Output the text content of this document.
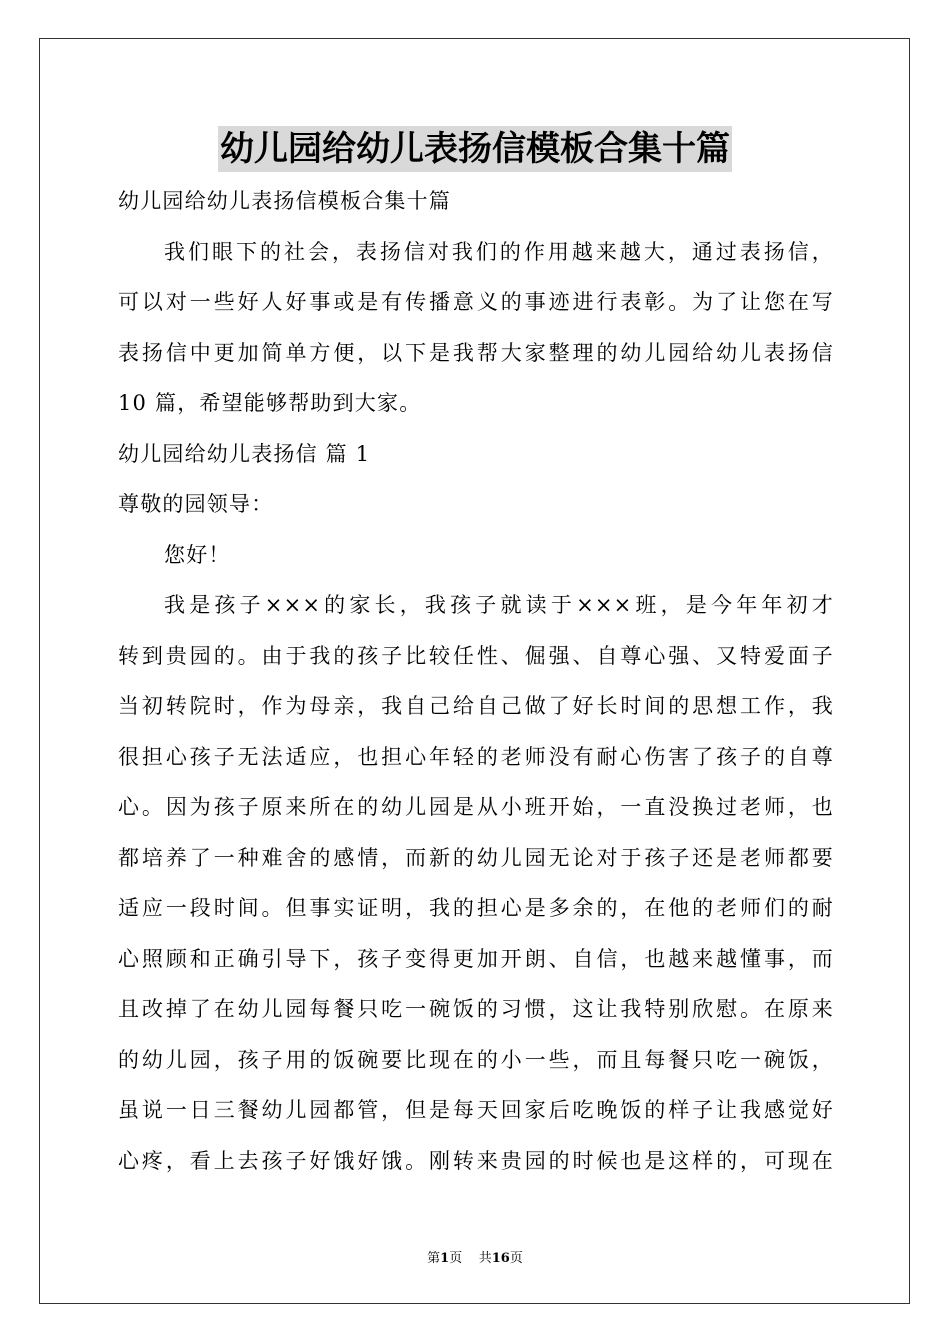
幼儿园给幼儿表扬信模板合集十篇
幼儿园给幼儿表扬信模板合集十篇
我们眼下的社会，表扬信对我们的作用越来越大，通过表扬信，
可以对一些好人好事或是有传播意义的事迹进行表彰。为了让您在写
表扬信中更加简单方便，以下是我帮大家整理的幼儿园给幼儿表扬信
10 篇，希望能够帮助到大家。
幼儿园给幼儿表扬信 篇 1
尊敬的园领导：
您好！
我是孩子×××的家长，我孩子就读于×××班，是今年年初才
转到贵园的。由于我的孩子比较任性、倔强、自尊心强、又特爱面子
当初转院时，作为母亲，我自己给自己做了好长时间的思想工作，我
很担心孩子无法适应，也担心年轻的老师没有耐心伤害了孩子的自尊
心。因为孩子原来所在的幼儿园是从小班开始，一直没换过老师，也
都培养了一种难舍的感情，而新的幼儿园无论对于孩子还是老师都要
适应一段时间。但事实证明，我的担心是多余的，在他的老师们的耐
心照顾和正确引导下，孩子变得更加开朗、自信，也越来越懂事，而
且改掉了在幼儿园每餐只吃一碗饭的习惯，这让我特别欣慰。在原来
的幼儿园，孩子用的饭碗要比现在的小一些，而且每餐只吃一碗饭，
虽说一日三餐幼儿园都管，但是每天回家后吃晚饭的样子让我感觉好
心疼，看上去孩子好饿好饿。刚转来贵园的时候也是这样的，可现在
第1页    共16页
